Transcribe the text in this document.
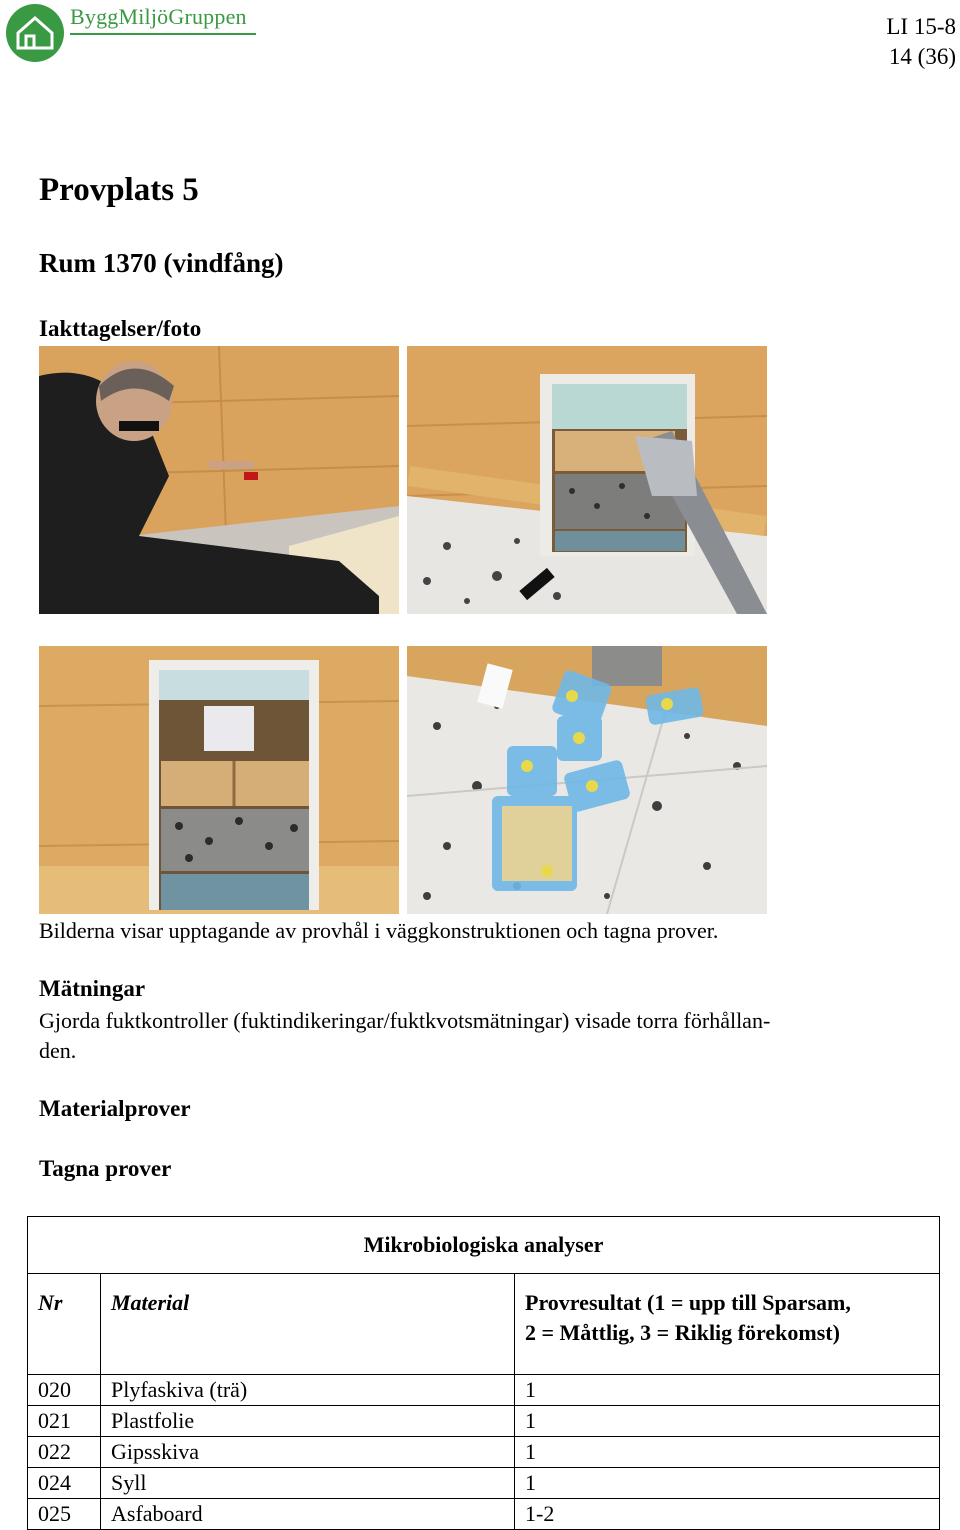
ByggMiljöGruppen	LI 15-8
14 (36)
Provplats 5
Rum 1370 (vindfång)
Iakttagelser/foto
Bilderna visar upptagande av provhål i väggkonstruktionen och tagna prover.
Mätningar
Gjorda fuktkontroller (fuktindikeringar/fuktkvotsmätningar) visade torra förhållan-
den.
Materialprover
Tagna prover
Mikrobiologiska analyser		
Nr	Material	Provresultat (1 = upp till Sparsam,
2 = Måttlig, 3 = Riklig förekomst)

020	Plyfaskiva (trä)	1
021	Plastfolie	1
022	Gipsskiva	1
024	Syll	1
025	Asfaboard	1-2
